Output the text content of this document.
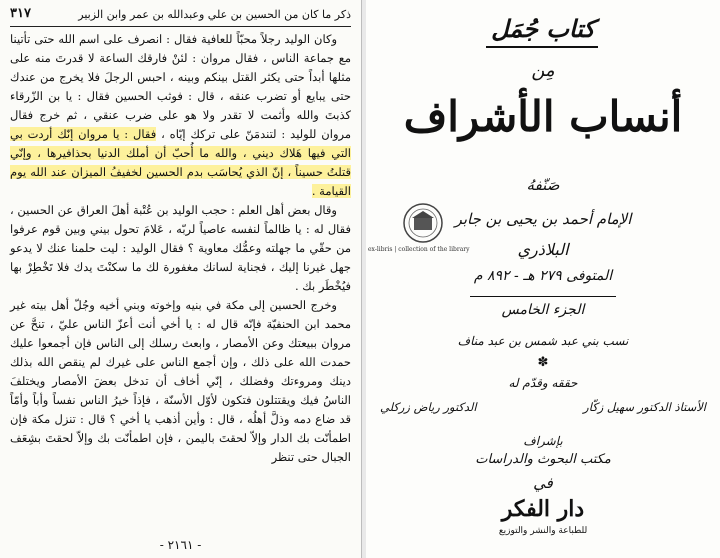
ذكر ما كان من الحسين بن علي وعبدالله بن عمر وابن الزبير
٣١٧

وكان الوليد رجلاً محبّاً للعافية فقال : انصرف على اسم الله حتى تأتينا مع جماعة الناس ، فقال مروان : لئنْ فارقك الساعة لا قدرتَ منه على مثلها أبداً حتى يكثر القتل بينكم وبينه ، احبس الرجلَ فلا يخرج من عندك حتى يبايع أو تضرب عنقه ، قال : فوثب الحسين فقال : يا بن الزّرقاء كذبتَ والله وأثمت لا تقدر ولا هو على ضرب عنقي ، ثم خرج فقال مروان للوليد : لتندمَنّ على تركك إيّاه ، فقال : يا مروان إنّك أردت بي التي فيها هَلاك ديني ، والله ما أُحبّ أن أملك الدنيا بحذافيرها ، وإنّي قتلتُ حسيناً ، إنّ الذي يُحاسَب بدم الحسين لخفيفُ الميزان عند الله يوم القيامة .

وقال بعض أهل العلم : حجب الوليد بن عُتْبة أهلَ العراق عن الحسين ، فقال له : يا ظالماً لنفسه عاصياً لربّه ، عَلامَ تحول بيني وبين قوم عرفوا من حقّي ما جهلته وعمُّك معاوية ؟ فقال الوليد : ليت حلمنا عنك لا يدعو جهل غيرنا إليك ، فجناية لسانك مغفورة لك ما سكنْتَ يدك فلا تَخْطِرْ بها فيُخْطَر بك .

وخرج الحسين إلى مكة في بنيه وإخوته وبني أخيه وجُلّ أهل بيته غير محمد ابن الحنفيّة فإنّه قال له : يا أخي أنت أعزّ الناس عليّ ، تنحَّ عن مروان ببيعتك وعن الأمصار ، وابعث رسلك إلى الناس فإن أجمعوا عليك حمدت الله على ذلك ، وإن أجمع الناس على غيرك لم ينقص الله بذلك دينك ومروءتك وفضلك ، إنّي أخاف أن تدخل بعضَ الأمصار ويختلفَ الناسُ فيك ويقتتلون فتكون لأوّل الأسنّة ، فإذاً خيرُ الناس نفساً وأباً وأمّاً قد ضاع دمه وذلَّ أهلُه ، قال : وأين أذهب يا أخي ؟ قال : تنزل مكة فإن اطمأنّت بك الدار وإلاّ لحقتَ باليمن ، فإن اطمأنّت بك وإلاّ لحقتَ بشِعَف الجبال حتى تنظر

- ٢١٦١ -
كتاب جُمَل
مِن
أنساب الأشراف
صَنّفهُ
الإمام أحمد بن يحيى بن جابر
ex-libris | collection of the library	البلاذري
المتوفى ٢٧٩ هـ - ٨٩٢ م
الجزء الخامس
نسب بني عبد شمس بن عبد مناف
✽
حققه وقدّم له
الأستاذ الدكتور سهيل زكّار
الدكتور رياض زركلي
بإشراف
مكتب البحوث والدراسات
في
دار الفكر
للطباعة والنشر والتوزيع
